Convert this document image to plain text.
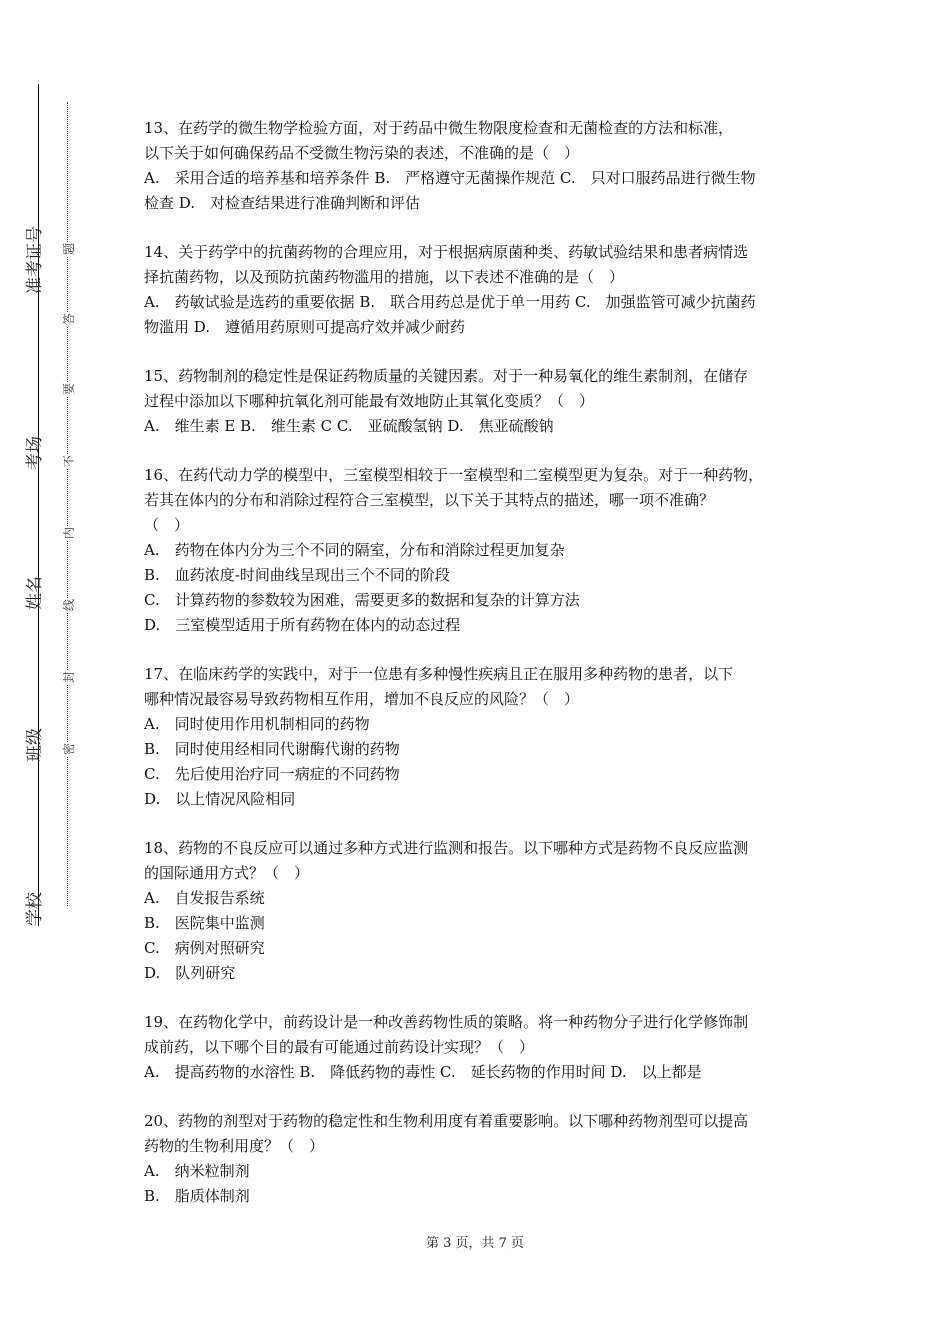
准考证号
考场
姓名
班级
学校
题
答
要
不
内
线
封
密
13、在药学的微生物学检验方面，对于药品中微生物限度检查和无菌检查的方法和标准，
以下关于如何确保药品不受微生物污染的表述，不准确的是（　）
A.　采用合适的培养基和培养条件 B.　严格遵守无菌操作规范 C.　只对口服药品进行微生物
检查 D.　对检查结果进行准确判断和评估
14、关于药学中的抗菌药物的合理应用，对于根据病原菌种类、药敏试验结果和患者病情选
择抗菌药物，以及预防抗菌药物滥用的措施，以下表述不准确的是（　）
A.　药敏试验是选药的重要依据 B.　联合用药总是优于单一用药 C.　加强监管可减少抗菌药
物滥用 D.　遵循用药原则可提高疗效并减少耐药
15、药物制剂的稳定性是保证药物质量的关键因素。对于一种易氧化的维生素制剂，在储存
过程中添加以下哪种抗氧化剂可能最有效地防止其氧化变质？（　）
A.　维生素 E B.　维生素 C C.　亚硫酸氢钠 D.　焦亚硫酸钠
16、在药代动力学的模型中，三室模型相较于一室模型和二室模型更为复杂。对于一种药物，
若其在体内的分布和消除过程符合三室模型，以下关于其特点的描述，哪一项不准确？
（　）
A.　药物在体内分为三个不同的隔室，分布和消除过程更加复杂
B.　血药浓度-时间曲线呈现出三个不同的阶段
C.　计算药物的参数较为困难，需要更多的数据和复杂的计算方法
D.　三室模型适用于所有药物在体内的动态过程
17、在临床药学的实践中，对于一位患有多种慢性疾病且正在服用多种药物的患者，以下
哪种情况最容易导致药物相互作用，增加不良反应的风险？（　）
A.　同时使用作用机制相同的药物
B.　同时使用经相同代谢酶代谢的药物
C.　先后使用治疗同一病症的不同药物
D.　以上情况风险相同
18、药物的不良反应可以通过多种方式进行监测和报告。以下哪种方式是药物不良反应监测
的国际通用方式？（　）
A.　自发报告系统
B.　医院集中监测
C.　病例对照研究
D.　队列研究
19、在药物化学中，前药设计是一种改善药物性质的策略。将一种药物分子进行化学修饰制
成前药，以下哪个目的最有可能通过前药设计实现？（　）
A.　提高药物的水溶性 B.　降低药物的毒性 C.　延长药物的作用时间 D.　以上都是
20、药物的剂型对于药物的稳定性和生物利用度有着重要影响。以下哪种药物剂型可以提高
药物的生物利用度？（　）
A.　纳米粒制剂
B.　脂质体制剂
第 3 页，共 7 页
